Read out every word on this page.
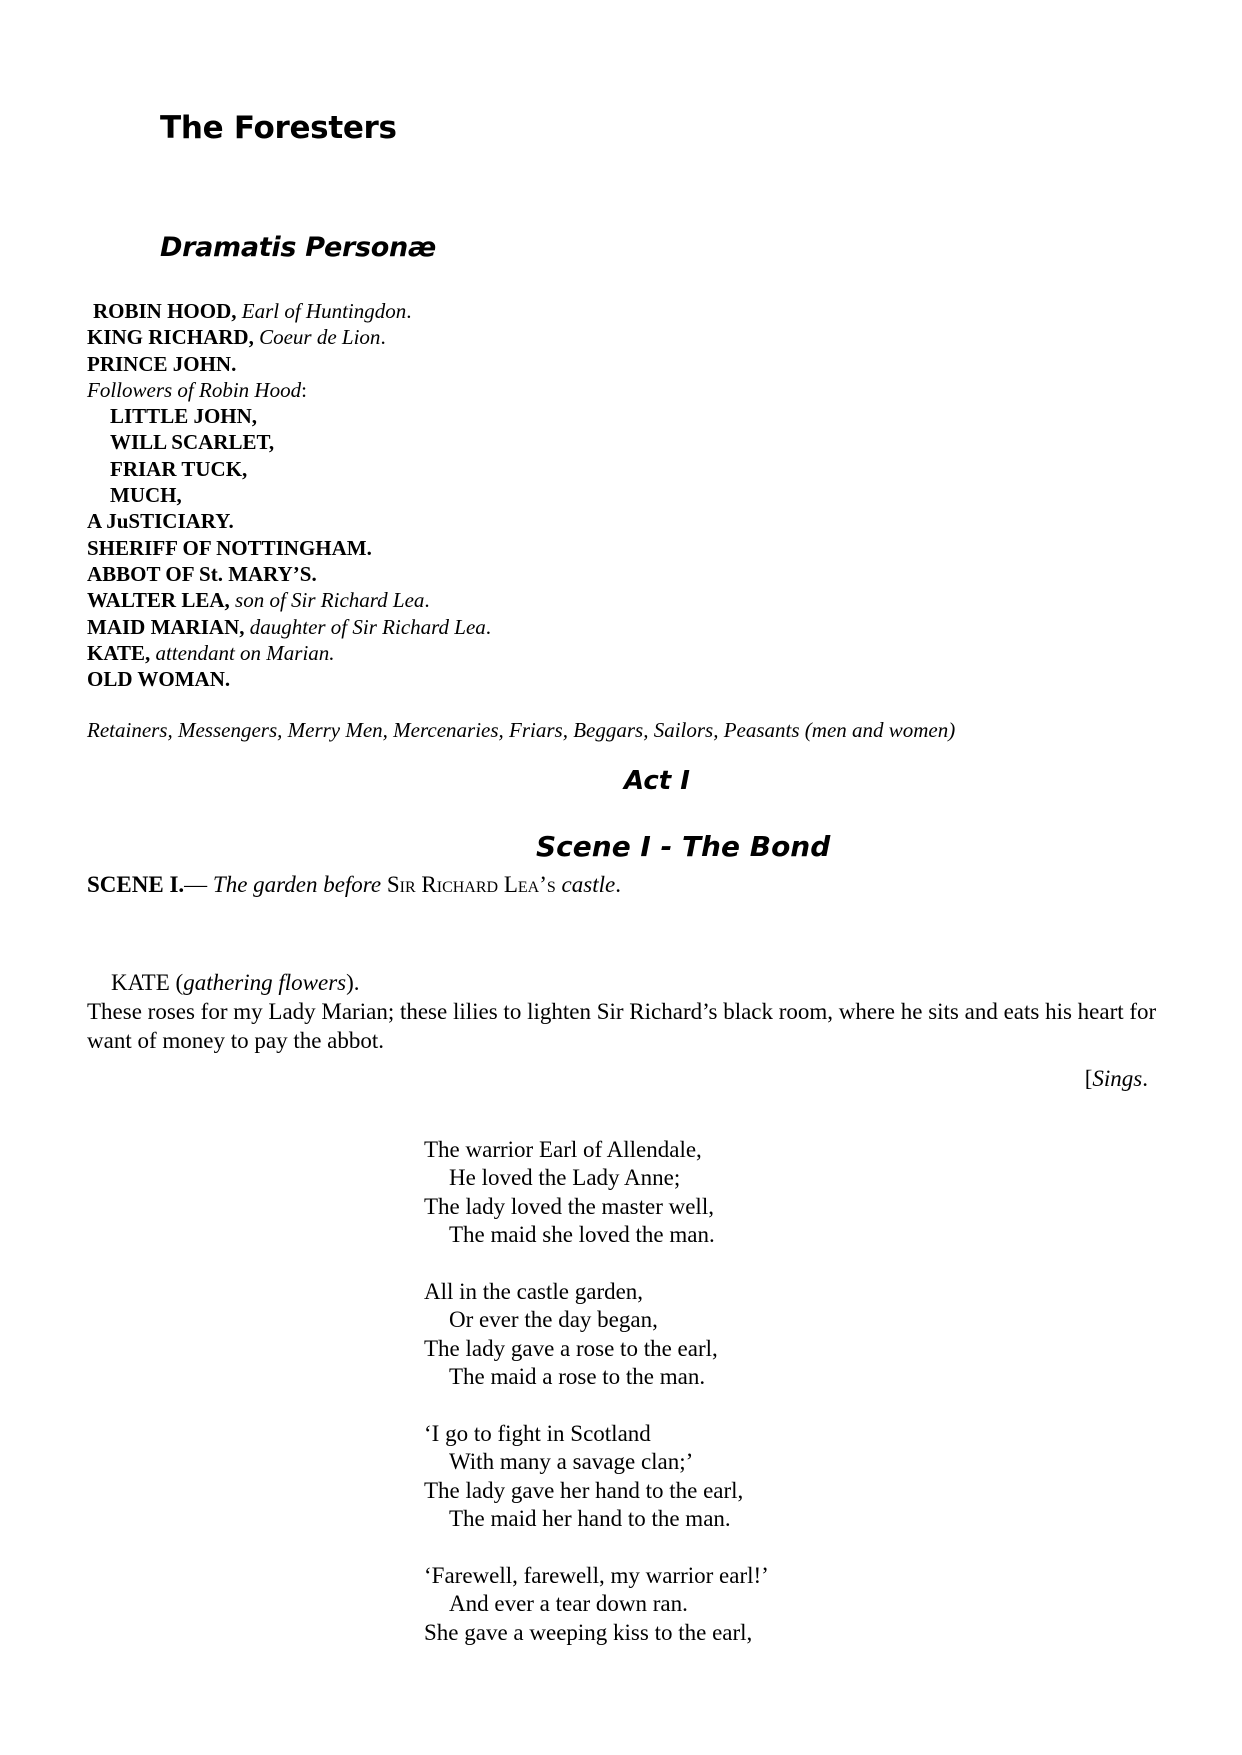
The Foresters
Dramatis Personæ
ROBIN HOOD, Earl of Huntingdon.
KING RICHARD, Coeur de Lion.
PRINCE JOHN.
Followers of Robin Hood:
LITTLE JOHN,
WILL SCARLET,
FRIAR TUCK,
MUCH,
A JuSTICIARY.
SHERIFF OF NOTTINGHAM.
ABBOT OF St. MARY’S.
WALTER LEA, son of Sir Richard Lea.
MAID MARIAN, daughter of Sir Richard Lea.
KATE, attendant on Marian.
OLD WOMAN.

Retainers, Messengers, Merry Men, Mercenaries, Friars, Beggars, Sailors, Peasants (men and women)

Act I
Scene I - The Bond

SCENE I.— The garden before Sir Richard Lea’s castle.

KATE (gathering flowers).

These roses for my Lady Marian; these lilies to lighten Sir Richard’s black room, where he sits and eats his heart for want of money to pay the abbot.

[Sings.

The warrior Earl of Allendale,
He loved the Lady Anne;
The lady loved the master well,
The maid she loved the man.
All in the castle garden,
Or ever the day began,
The lady gave a rose to the earl,
The maid a rose to the man.
‘I go to fight in Scotland
With many a savage clan;’
The lady gave her hand to the earl,
The maid her hand to the man.
‘Farewell, farewell, my warrior earl!’
And ever a tear down ran.
She gave a weeping kiss to the earl,
